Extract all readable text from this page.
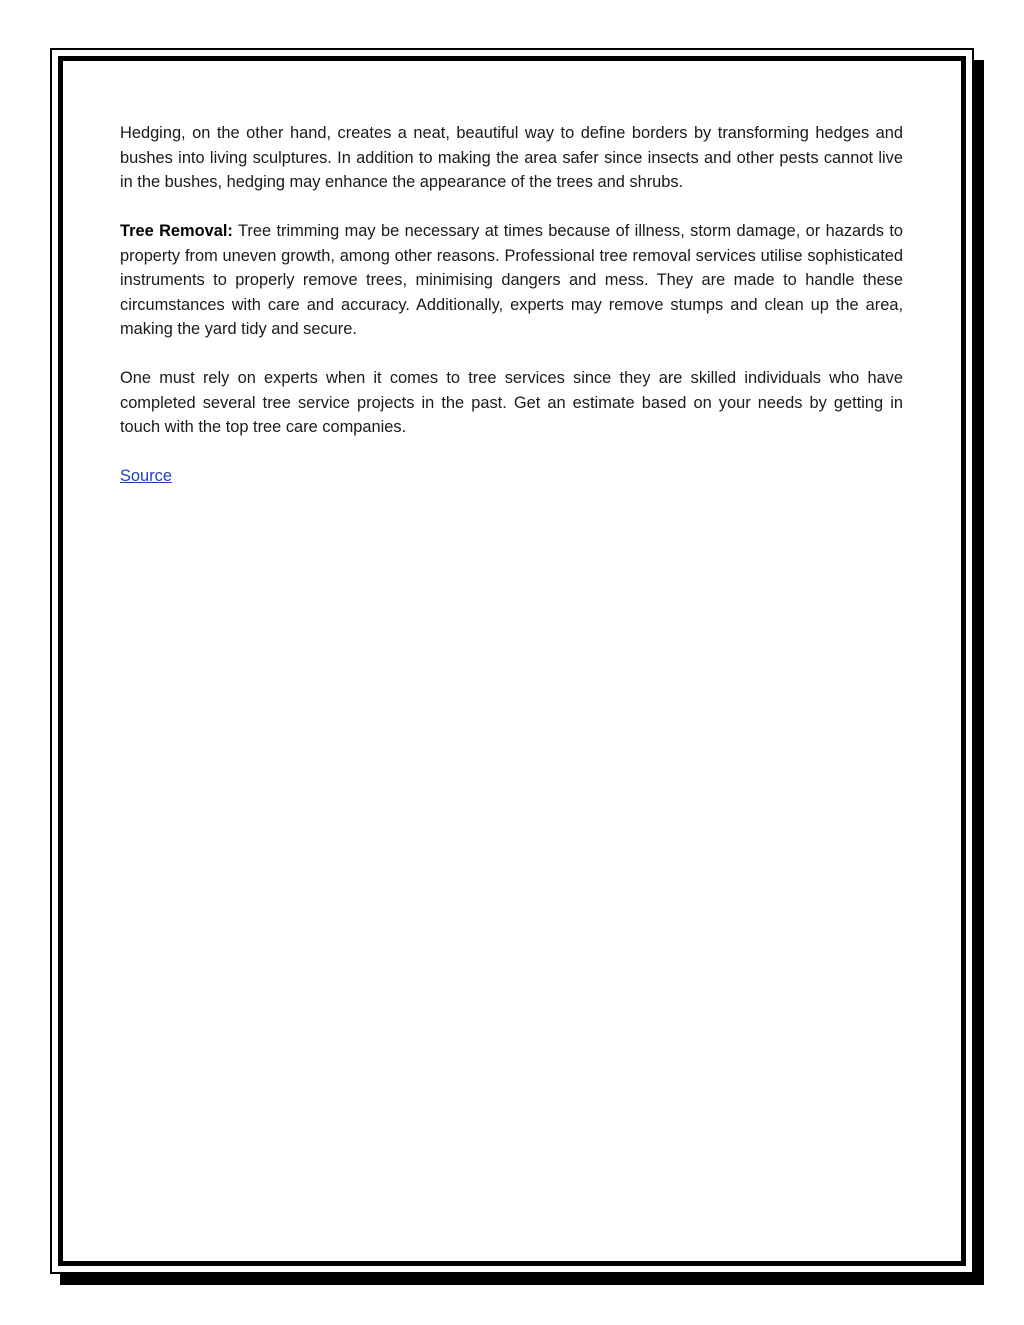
Hedging, on the other hand, creates a neat, beautiful way to define borders by transforming hedges and bushes into living sculptures. In addition to making the area safer since insects and other pests cannot live in the bushes, hedging may enhance the appearance of the trees and shrubs.

Tree Removal: Tree trimming may be necessary at times because of illness, storm damage, or hazards to property from uneven growth, among other reasons. Professional tree removal services utilise sophisticated instruments to properly remove trees, minimising dangers and mess. They are made to handle these circumstances with care and accuracy. Additionally, experts may remove stumps and clean up the area, making the yard tidy and secure.

One must rely on experts when it comes to tree services since they are skilled individuals who have completed several tree service projects in the past. Get an estimate based on your needs by getting in touch with the top tree care companies.

Source
